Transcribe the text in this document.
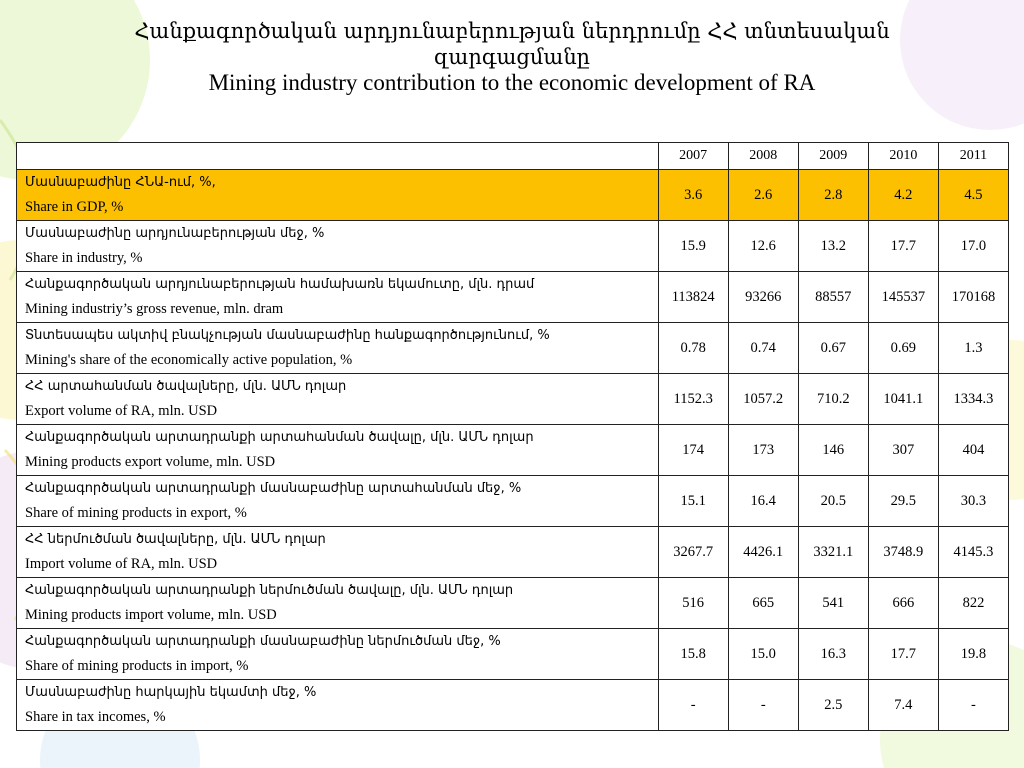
Հանքագործական արդյունաբերության ներդրումը ՀՀ տնտեսական զարգացմանը
Mining industry contribution to the economic development of RA
	2007	2008	2009	2010	2011

Մասնաբաժինը ՀՆԱ-ում, %,
Share in GDP, %	3.6	2.6	2.8	4.2	4.5

Մասնաբաժինը արդյունաբերության մեջ, %
Share in industry, %	15.9	12.6	13.2	17.7	17.0

Հանքագործական արդյունաբերության համախառն եկամուտը, մլն. դրամ
Mining industriy’s gross revenue, mln. dram	113824	93266	88557	145537	170168

Տնտեսապես ակտիվ բնակչության մասնաբաժինը հանքագործությունում, %
Mining's share of the economically active population, %	0.78	0.74	0.67	0.69	1.3

ՀՀ արտահանման ծավալները, մլն. ԱՄՆ դոլար
Export volume of RA, mln. USD	1152.3	1057.2	710.2	1041.1	1334.3

Հանքագործական արտադրանքի արտահանման ծավալը, մլն. ԱՄՆ դոլար
Mining products export volume, mln. USD	174	173	146	307	404

Հանքագործական արտադրանքի մասնաբաժինը արտահանման մեջ, %
Share of mining products in export, %	15.1	16.4	20.5	29.5	30.3

ՀՀ ներմուծման ծավալները, մլն. ԱՄՆ դոլար
Import volume of RA, mln. USD	3267.7	4426.1	3321.1	3748.9	4145.3

Հանքագործական արտադրանքի ներմուծման ծավալը, մլն. ԱՄՆ դոլար
Mining products import volume, mln. USD	516	665	541	666	822

Հանքագործական արտադրանքի մասնաբաժինը ներմուծման մեջ, %
Share of mining products in import, %	15.8	15.0	16.3	17.7	19.8

Մասնաբաժինը հարկային եկամտի մեջ, %
Share in tax incomes, %	-	-	2.5	7.4	-
